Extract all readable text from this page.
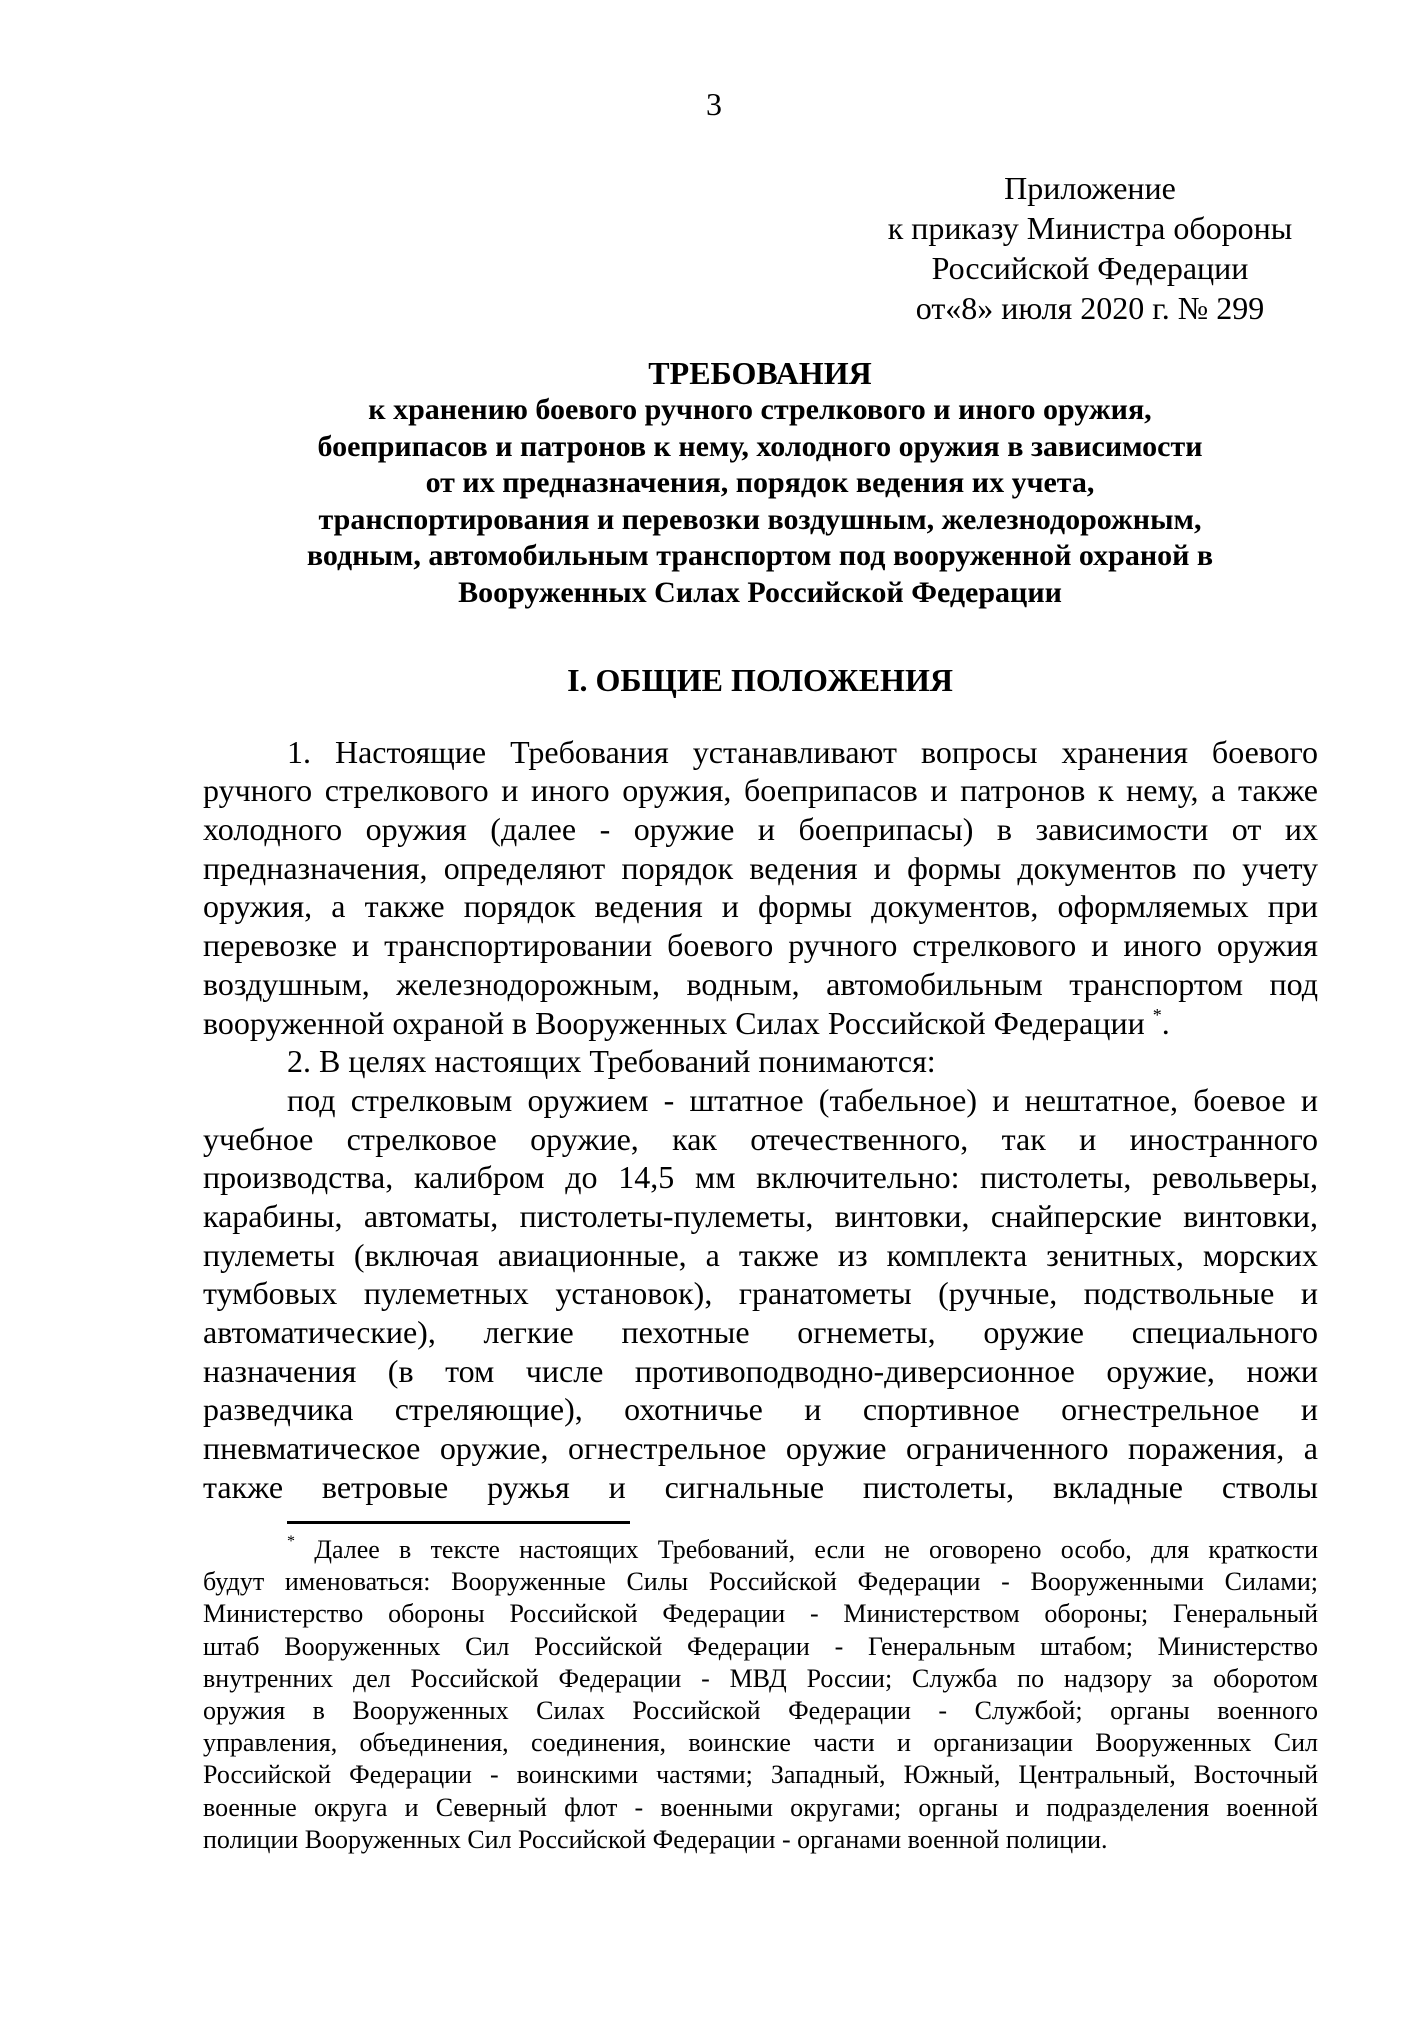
3
Приложение
к приказу Министра обороны
Российской Федерации
от«8» июля 2020 г. № 299
ТРЕБОВАНИЯ
к хранению боевого ручного стрелкового и иного оружия,
боеприпасов и патронов к нему, холодного оружия в зависимости
от их предназначения, порядок ведения их учета,
транспортирования и перевозки воздушным, железнодорожным,
водным, автомобильным транспортом под вооруженной охраной в
Вооруженных Силах Российской Федерации
I. ОБЩИЕ ПОЛОЖЕНИЯ
1. Настоящие Требования устанавливают вопросы хранения боевого
ручного стрелкового и иного оружия, боеприпасов и патронов к нему, а также
холодного оружия (далее - оружие и боеприпасы) в зависимости от их
предназначения, определяют порядок ведения и формы документов по учету
оружия, а также порядок ведения и формы документов, оформляемых при
перевозке и транспортировании боевого ручного стрелкового и иного оружия
воздушным, железнодорожным, водным, автомобильным транспортом под
вооруженной охраной в Вооруженных Силах Российской Федерации *.
2. В целях настоящих Требований понимаются:
под стрелковым оружием - штатное (табельное) и нештатное, боевое и
учебное стрелковое оружие, как отечественного, так и иностранного
производства, калибром до 14,5 мм включительно: пистолеты, револьверы,
карабины, автоматы, пистолеты-пулеметы, винтовки, снайперские винтовки,
пулеметы (включая авиационные, а также из комплекта зенитных, морских
тумбовых пулеметных установок), гранатометы (ручные, подствольные и
автоматические), легкие пехотные огнеметы, оружие специального
назначения (в том числе противоподводно-диверсионное оружие, ножи
разведчика стреляющие), охотничье и спортивное огнестрельное и
пневматическое оружие, огнестрельное оружие ограниченного поражения, а
также ветровые ружья и сигнальные пистолеты, вкладные стволы
* Далее в тексте настоящих Требований, если не оговорено особо, для краткости
будут именоваться: Вооруженные Силы Российской Федерации - Вооруженными Силами;
Министерство обороны Российской Федерации - Министерством обороны; Генеральный
штаб Вооруженных Сил Российской Федерации - Генеральным штабом; Министерство
внутренних дел Российской Федерации - МВД России; Служба по надзору за оборотом
оружия в Вооруженных Силах Российской Федерации - Службой; органы военного
управления, объединения, соединения, воинские части и организации Вооруженных Сил
Российской Федерации - воинскими частями; Западный, Южный, Центральный, Восточный
военные округа и Северный флот - военными округами; органы и подразделения военной
полиции Вооруженных Сил Российской Федерации - органами военной полиции.
